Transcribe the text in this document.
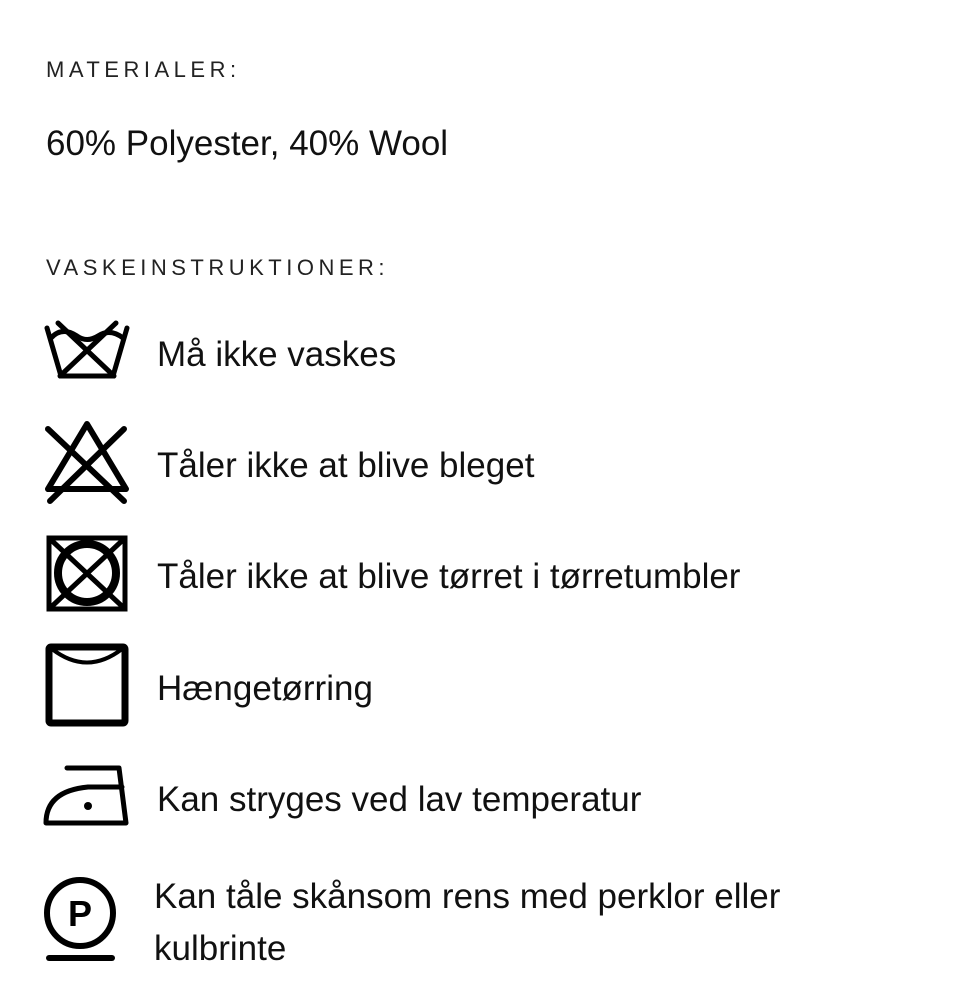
MATERIALER:
60% Polyester, 40% Wool
VASKEINSTRUKTIONER:
Må ikke vaskes
Tåler ikke at blive bleget
Tåler ikke at blive tørret i tørretumbler
Hængetørring
Kan stryges ved lav temperatur
P Kan tåle skånsom rens med perklor eller kulbrinte
